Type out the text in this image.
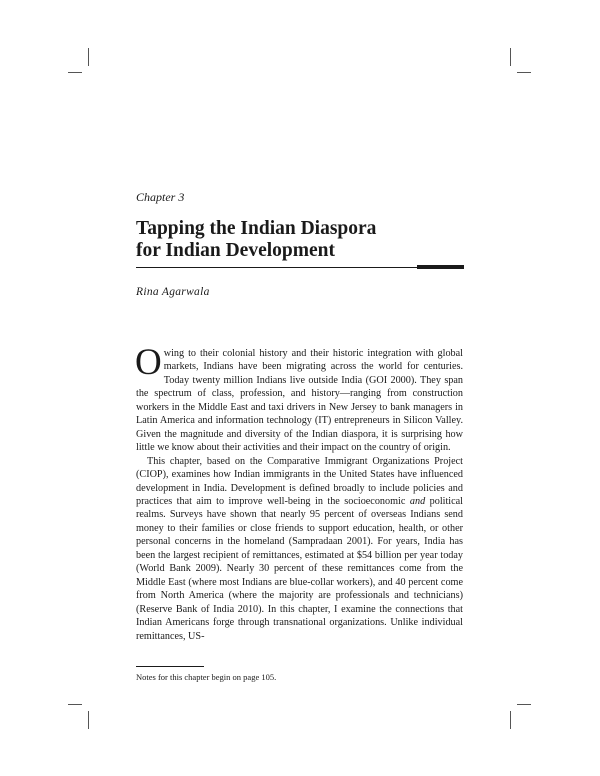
Chapter 3
Tapping the Indian Diaspora
for Indian Development
Rina Agarwala

Owing to their colonial history and their historic integration with global markets, Indians have been migrating across the world for centuries. Today twenty million Indians live outside India (GOI 2000). They span the spectrum of class, profession, and history—ranging from construction workers in the Middle East and taxi drivers in New Jersey to bank managers in Latin America and information technology (IT) entrepreneurs in Silicon Valley. Given the magnitude and diversity of the Indian diaspora, it is surprising how little we know about their activities and their impact on the country of origin.

This chapter, based on the Comparative Immigrant Organizations Project (CIOP), examines how Indian immigrants in the United States have influenced development in India. Development is defined broadly to include policies and practices that aim to improve well-being in the socioeconomic and political realms. Surveys have shown that nearly 95 percent of overseas Indians send money to their families or close friends to support education, health, or other personal concerns in the homeland (Sampradaan 2001). For years, India has been the largest recipient of remittances, estimated at $54 billion per year today (World Bank 2009). Nearly 30 percent of these remittances come from the Middle East (where most Indians are blue-collar workers), and 40 percent come from North America (where the majority are professionals and technicians) (Reserve Bank of India 2010). In this chapter, I examine the connections that Indian Americans forge through transnational organizations. Unlike individual remittances, US-

Notes for this chapter begin on page 105.
